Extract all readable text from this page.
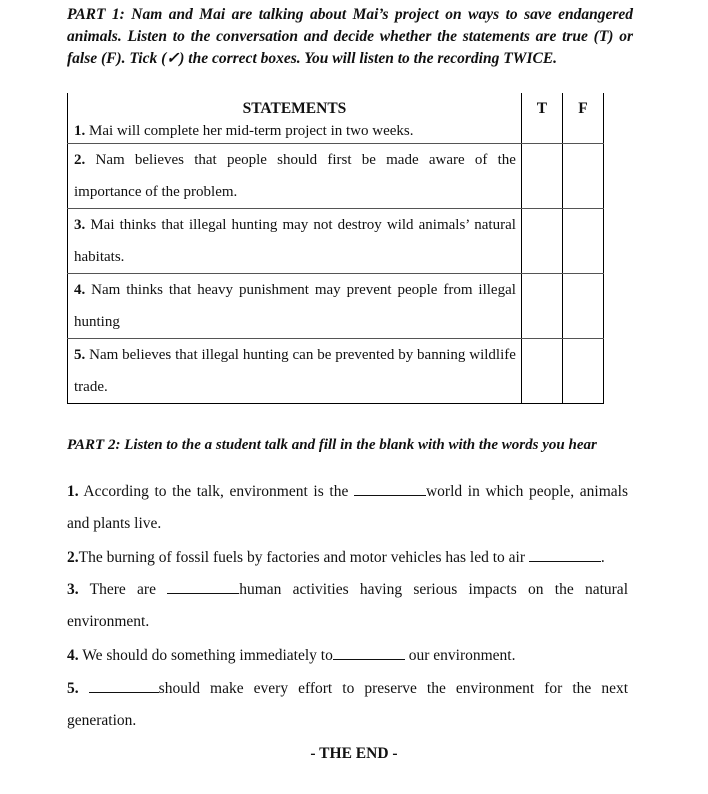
PART 1: Nam and Mai are talking about Mai’s project on ways to save endangered animals. Listen to the conversation and decide whether the statements are true (T) or false (F). Tick (✓) the correct boxes. You will listen to the recording TWICE.
STATEMENTS	T	F

1. Mai will complete her mid-term project in two weeks.		

2. Nam believes that people should first be made aware of the importance of the problem.		

3. Mai thinks that illegal hunting may not destroy wild animals’ natural habitats.		

4. Nam thinks that heavy punishment may prevent people from illegal hunting		

5. Nam believes that illegal hunting can be prevented by banning wildlife trade.		

PART 2: Listen to the a student talk and fill in the blank with with the words you hear
1. According to the talk, environment is the	world in which people, animals and plants live.
2.The burning of fossil fuels by factories and motor vehicles has led to air	.
3. There are	human activities having serious impacts on the natural environment.
4. We should do something immediately to	our environment.
5.	should make every effort to preserve the environment for the next generation.
- THE END -
